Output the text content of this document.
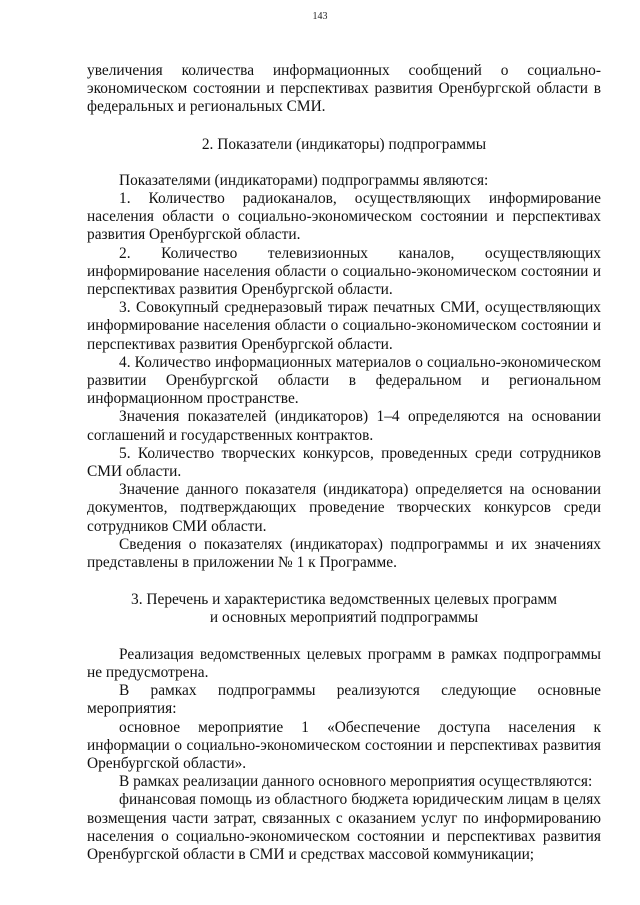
143

увеличения количества информационных сообщений о социально-экономическом состоянии и перспективах развития Оренбургской области в федеральных и региональных СМИ.

2. Показатели (индикаторы) подпрограммы

Показателями (индикаторами) подпрограммы являются:

1. Количество радиоканалов, осуществляющих информирование населения области о социально-экономическом состоянии и перспективах развития Оренбургской области.

2. Количество телевизионных каналов, осуществляющих информирование населения области о социально-экономическом состоянии и перспективах развития Оренбургской области.

3. Совокупный среднеразовый тираж печатных СМИ, осуществляющих информирование населения области о социально-экономическом состоянии и перспективах развития Оренбургской области.

4. Количество информационных материалов о социально-экономическом развитии Оренбургской области в федеральном и региональном информационном пространстве.

Значения показателей (индикаторов) 1–4 определяются на основании соглашений и государственных контрактов.

5. Количество творческих конкурсов, проведенных среди сотрудников СМИ области.

Значение данного показателя (индикатора) определяется на основании документов, подтверждающих проведение творческих конкурсов среди сотрудников СМИ области.

Сведения о показателях (индикаторах) подпрограммы и их значениях представлены в приложении № 1 к Программе.

3. Перечень и характеристика ведомственных целевых программ

и основных мероприятий подпрограммы

Реализация ведомственных целевых программ в рамках подпрограммы не предусмотрена.

В рамках подпрограммы реализуются следующие основные мероприятия:

основное мероприятие 1 «Обеспечение доступа населения к информации о социально-экономическом состоянии и перспективах развития Оренбургской области».

В рамках реализации данного основного мероприятия осуществляются:

финансовая помощь из областного бюджета юридическим лицам в целях возмещения части затрат, связанных с оказанием услуг по информированию населения о социально-экономическом состоянии и перспективах развития Оренбургской области в СМИ и средствах массовой коммуникации;
